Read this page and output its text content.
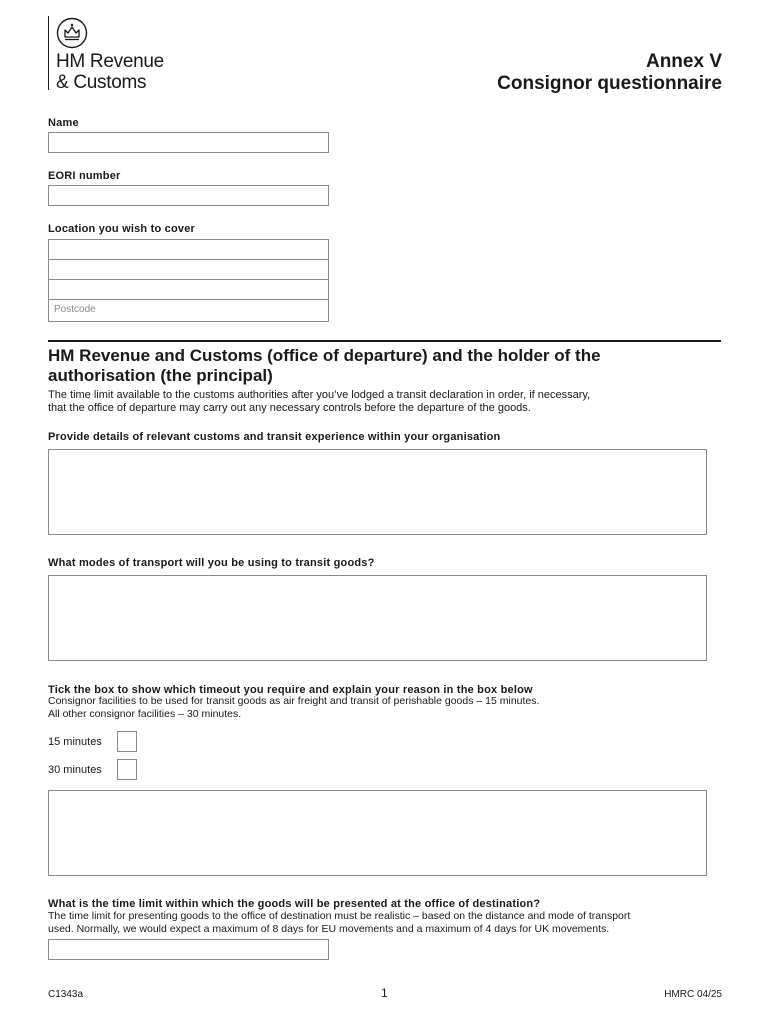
HM Revenue
& Customs
Annex V
Consignor questionnaire
Name
EORI number
Location you wish to cover
Postcode
HM Revenue and Customs (office of departure) and the holder of the authorisation (the principal)
The time limit available to the customs authorities after you’ve lodged a transit declaration in order, if necessary,
that the office of departure may carry out any necessary controls before the departure of the goods.
Provide details of relevant customs and transit experience within your organisation
What modes of transport will you be using to transit goods?
Tick the box to show which timeout you require and explain your reason in the box below
Consignor facilities to be used for transit goods as air freight and transit of perishable goods – 15 minutes.
All other consignor facilities – 30 minutes.
15 minutes
30 minutes
What is the time limit within which the goods will be presented at the office of destination?
The time limit for presenting goods to the office of destination must be realistic – based on the distance and mode of transport
used. Normally, we would expect a maximum of 8 days for EU movements and a maximum of 4 days for UK movements.
C1343a	1	HMRC 04/25
